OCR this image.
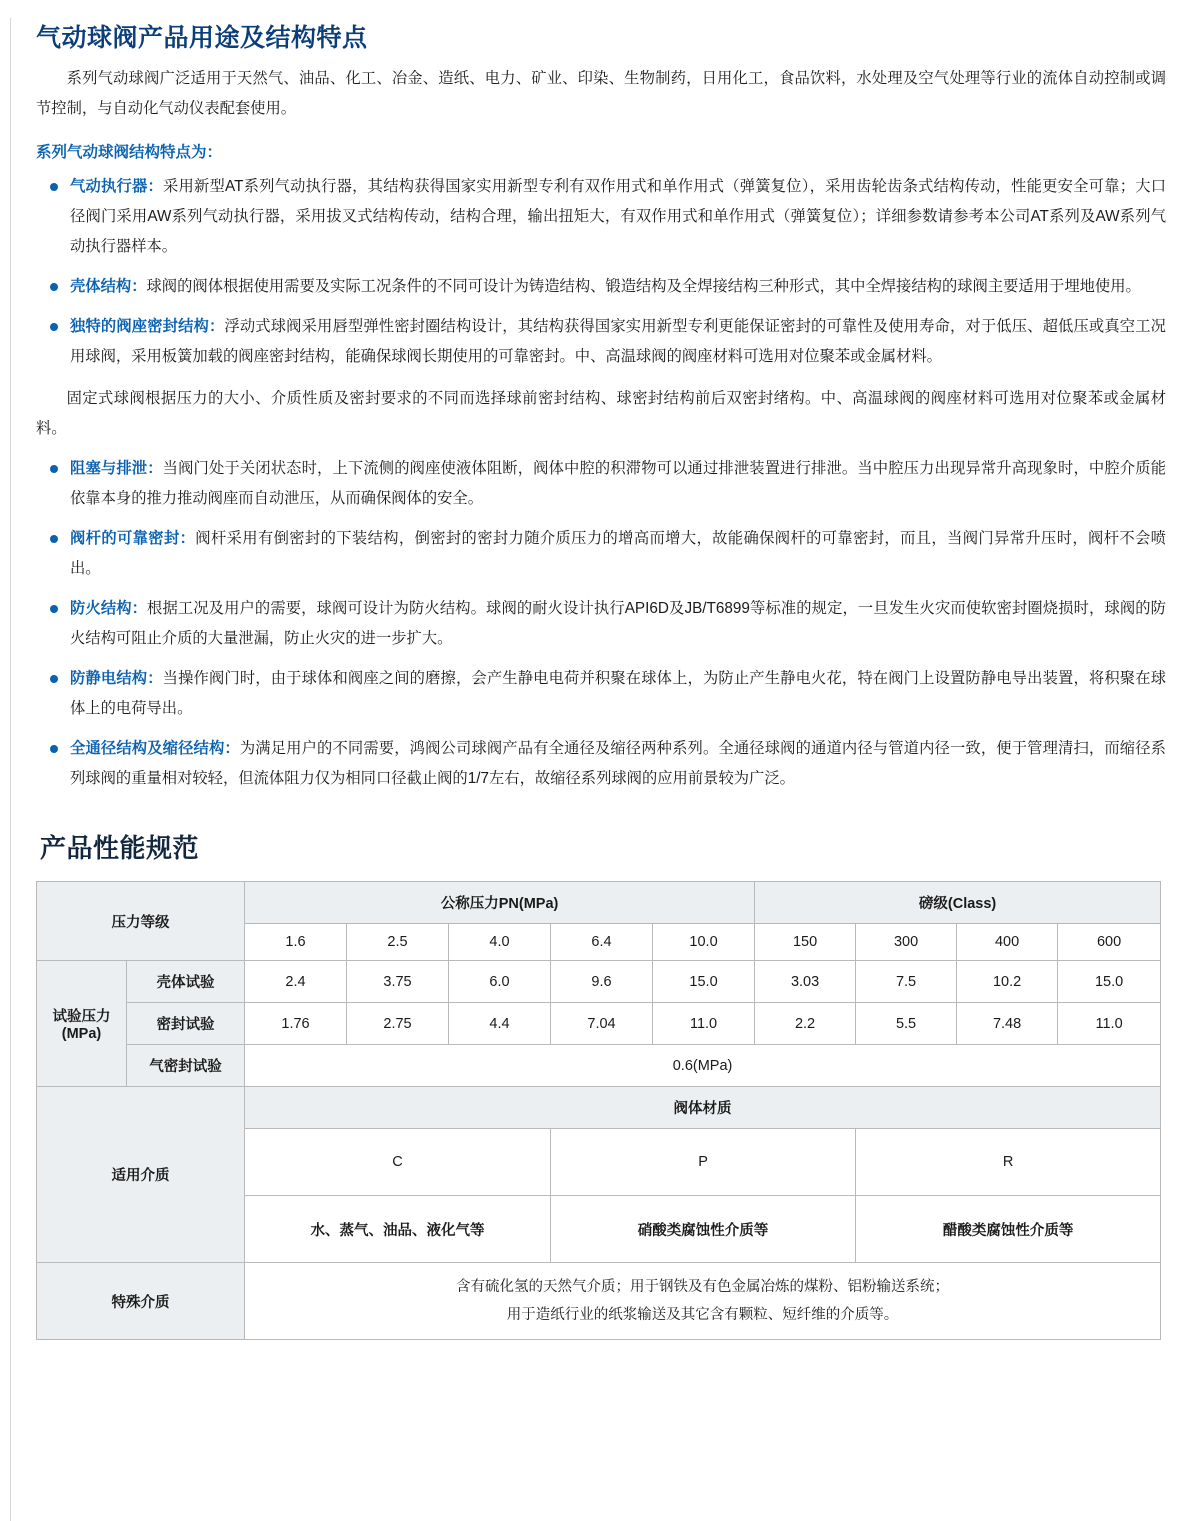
气动球阀产品用途及结构特点

系列气动球阀广泛适用于天然气、油品、化工、冶金、造纸、电力、矿业、印染、生物制药，日用化工，食品饮料，水处理及空气处理等行业的流体自动控制或调节控制，与自动化气动仪表配套使用。

系列气动球阀结构特点为：
气动执行器：采用新型AT系列气动执行器，其结构获得国家实用新型专利有双作用式和单作用式（弹簧复位），采用齿轮齿条式结构传动，性能更安全可靠；大口径阀门采用AW系列气动执行器，采用拔叉式结构传动，结构合理，输出扭矩大，有双作用式和单作用式（弹簧复位）；详细参数请参考本公司AT系列及AW系列气动执行器样本。
壳体结构：球阀的阀体根据使用需要及实际工况条件的不同可设计为铸造结构、锻造结构及全焊接结构三种形式，其中全焊接结构的球阀主要适用于埋地使用。
独特的阀座密封结构：浮动式球阀采用唇型弹性密封圈结构设计，其结构获得国家实用新型专利更能保证密封的可靠性及使用寿命，对于低压、超低压或真空工况用球阀，采用板簧加载的阀座密封结构，能确保球阀长期使用的可靠密封。中、高温球阀的阀座材料可选用对位聚苯或金属材料。

固定式球阀根据压力的大小、介质性质及密封要求的不同而选择球前密封结构、球密封结构前后双密封绪构。中、高温球阀的阀座材料可选用对位聚苯或金属材料。

阻塞与排泄：当阀门处于关闭状态时，上下流侧的阀座使液体阻断，阀体中腔的积滞物可以通过排泄装置进行排泄。当中腔压力出现异常升高现象时，中腔介质能依靠本身的推力推动阀座而自动泄压，从而确保阀体的安全。
阀杆的可靠密封：阀杆采用有倒密封的下装结构，倒密封的密封力随介质压力的增高而增大，故能确保阀杆的可靠密封，而且，当阀门异常升压时，阀杆不会喷出。
防火结构：根据工况及用户的需要，球阀可设计为防火结构。球阀的耐火设计执行API6D及JB/T6899等标准的规定，一旦发生火灾而使软密封圈烧损时，球阀的防火结构可阻止介质的大量泄漏，防止火灾的进一步扩大。
防静电结构：当操作阀门时，由于球体和阀座之间的磨擦，会产生静电电荷并积聚在球体上，为防止产生静电火花，特在阀门上设置防静电导出装置，将积聚在球体上的电荷导出。
全通径结构及缩径结构：为满足用户的不同需要，鸿阀公司球阀产品有全通径及缩径两种系列。全通径球阀的通道内径与管道内径一致，便于管理清扫，而缩径系列球阀的重量相对较轻，但流体阻力仅为相同口径截止阀的1/7左右，故缩径系列球阀的应用前景较为广泛。
产品性能规范
压力等级		公称压力PN(MPa)					磅级(Class)			
		1.6	2.5	4.0	6.4	10.0	150	300	400	600

试验压力
(MPa)	壳体试验	2.4	3.75	6.0	9.6	15.0	3.03	7.5	10.2	15.0
	密封试验	1.76	2.75	4.4	7.04	11.0	2.2	5.5	7.48	11.0
	气密封试验	0.6(MPa)								
适用介质		阀体材质								
		C			P			R		
		水、蒸气、油品、液化气等			硝酸类腐蚀性介质等			醋酸类腐蚀性介质等		
特殊介质		含有硫化氢的天然气介质；用于钢铁及有色金属冶炼的煤粉、铝粉输送系统；
用于造纸行业的纸浆输送及其它含有颗粒、短纤维的介质等。								
